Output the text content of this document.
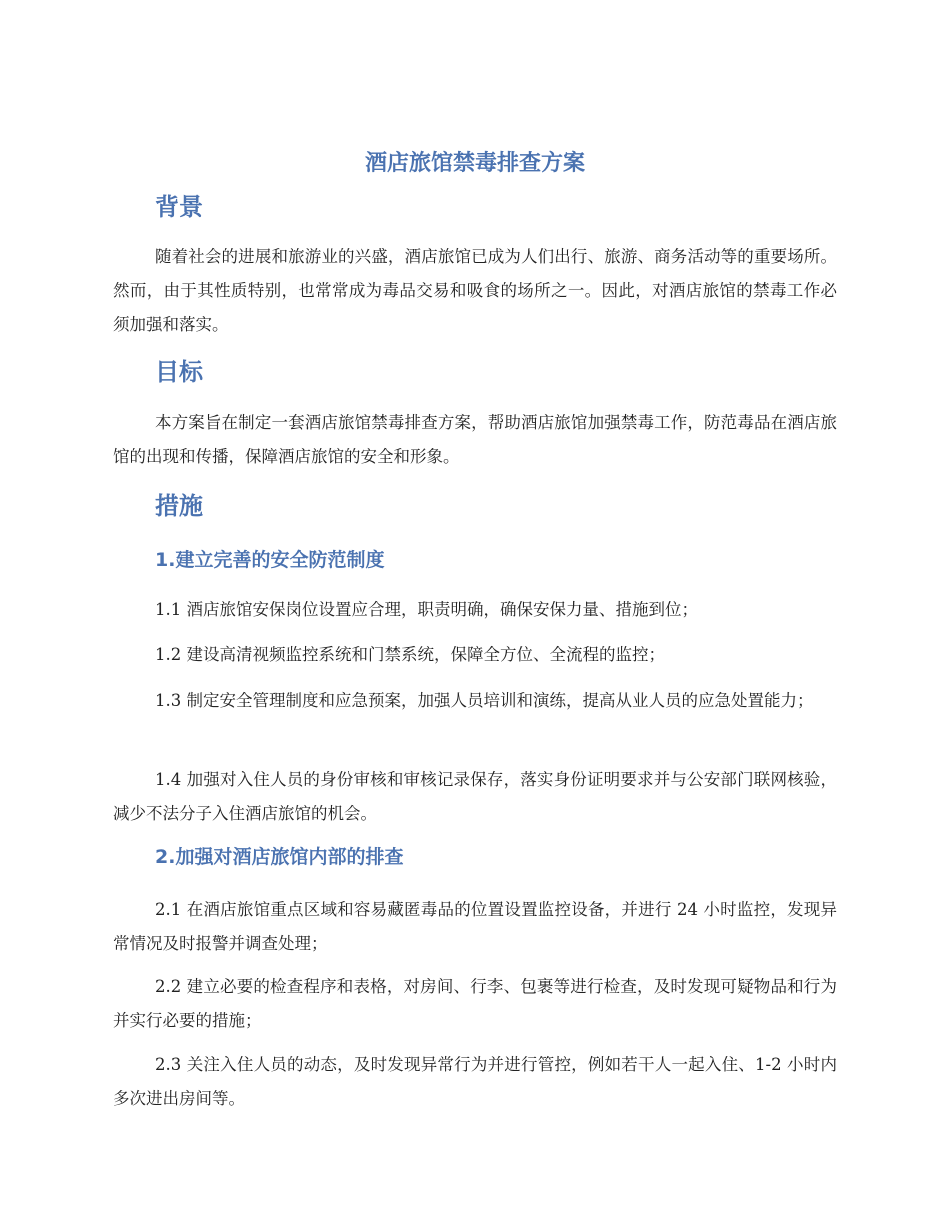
酒店旅馆禁毒排查方案
背景

随着社会的进展和旅游业的兴盛，酒店旅馆已成为人们出行、旅游、商务活动等的重要场所。然而，由于其性质特别，也常常成为毒品交易和吸食的场所之一。因此，对酒店旅馆的禁毒工作必须加强和落实。

目标

本方案旨在制定一套酒店旅馆禁毒排查方案，帮助酒店旅馆加强禁毒工作，防范毒品在酒店旅馆的出现和传播，保障酒店旅馆的安全和形象。

措施
1.建立完善的安全防范制度

1.1 酒店旅馆安保岗位设置应合理，职责明确，确保安保力量、措施到位；

1.2 建设高清视频监控系统和门禁系统，保障全方位、全流程的监控；

1.3 制定安全管理制度和应急预案，加强人员培训和演练，提高从业人员的应急处置能力；

1.4 加强对入住人员的身份审核和审核记录保存，落实身份证明要求并与公安部门联网核验，减少不法分子入住酒店旅馆的机会。

2.加强对酒店旅馆内部的排查

2.1 在酒店旅馆重点区域和容易藏匿毒品的位置设置监控设备，并进行 24 小时监控，发现异常情况及时报警并调查处理；

2.2 建立必要的检查程序和表格，对房间、行李、包裹等进行检查，及时发现可疑物品和行为并实行必要的措施；

2.3 关注入住人员的动态，及时发现异常行为并进行管控，例如若干人一起入住、1-2 小时内多次进出房间等。
